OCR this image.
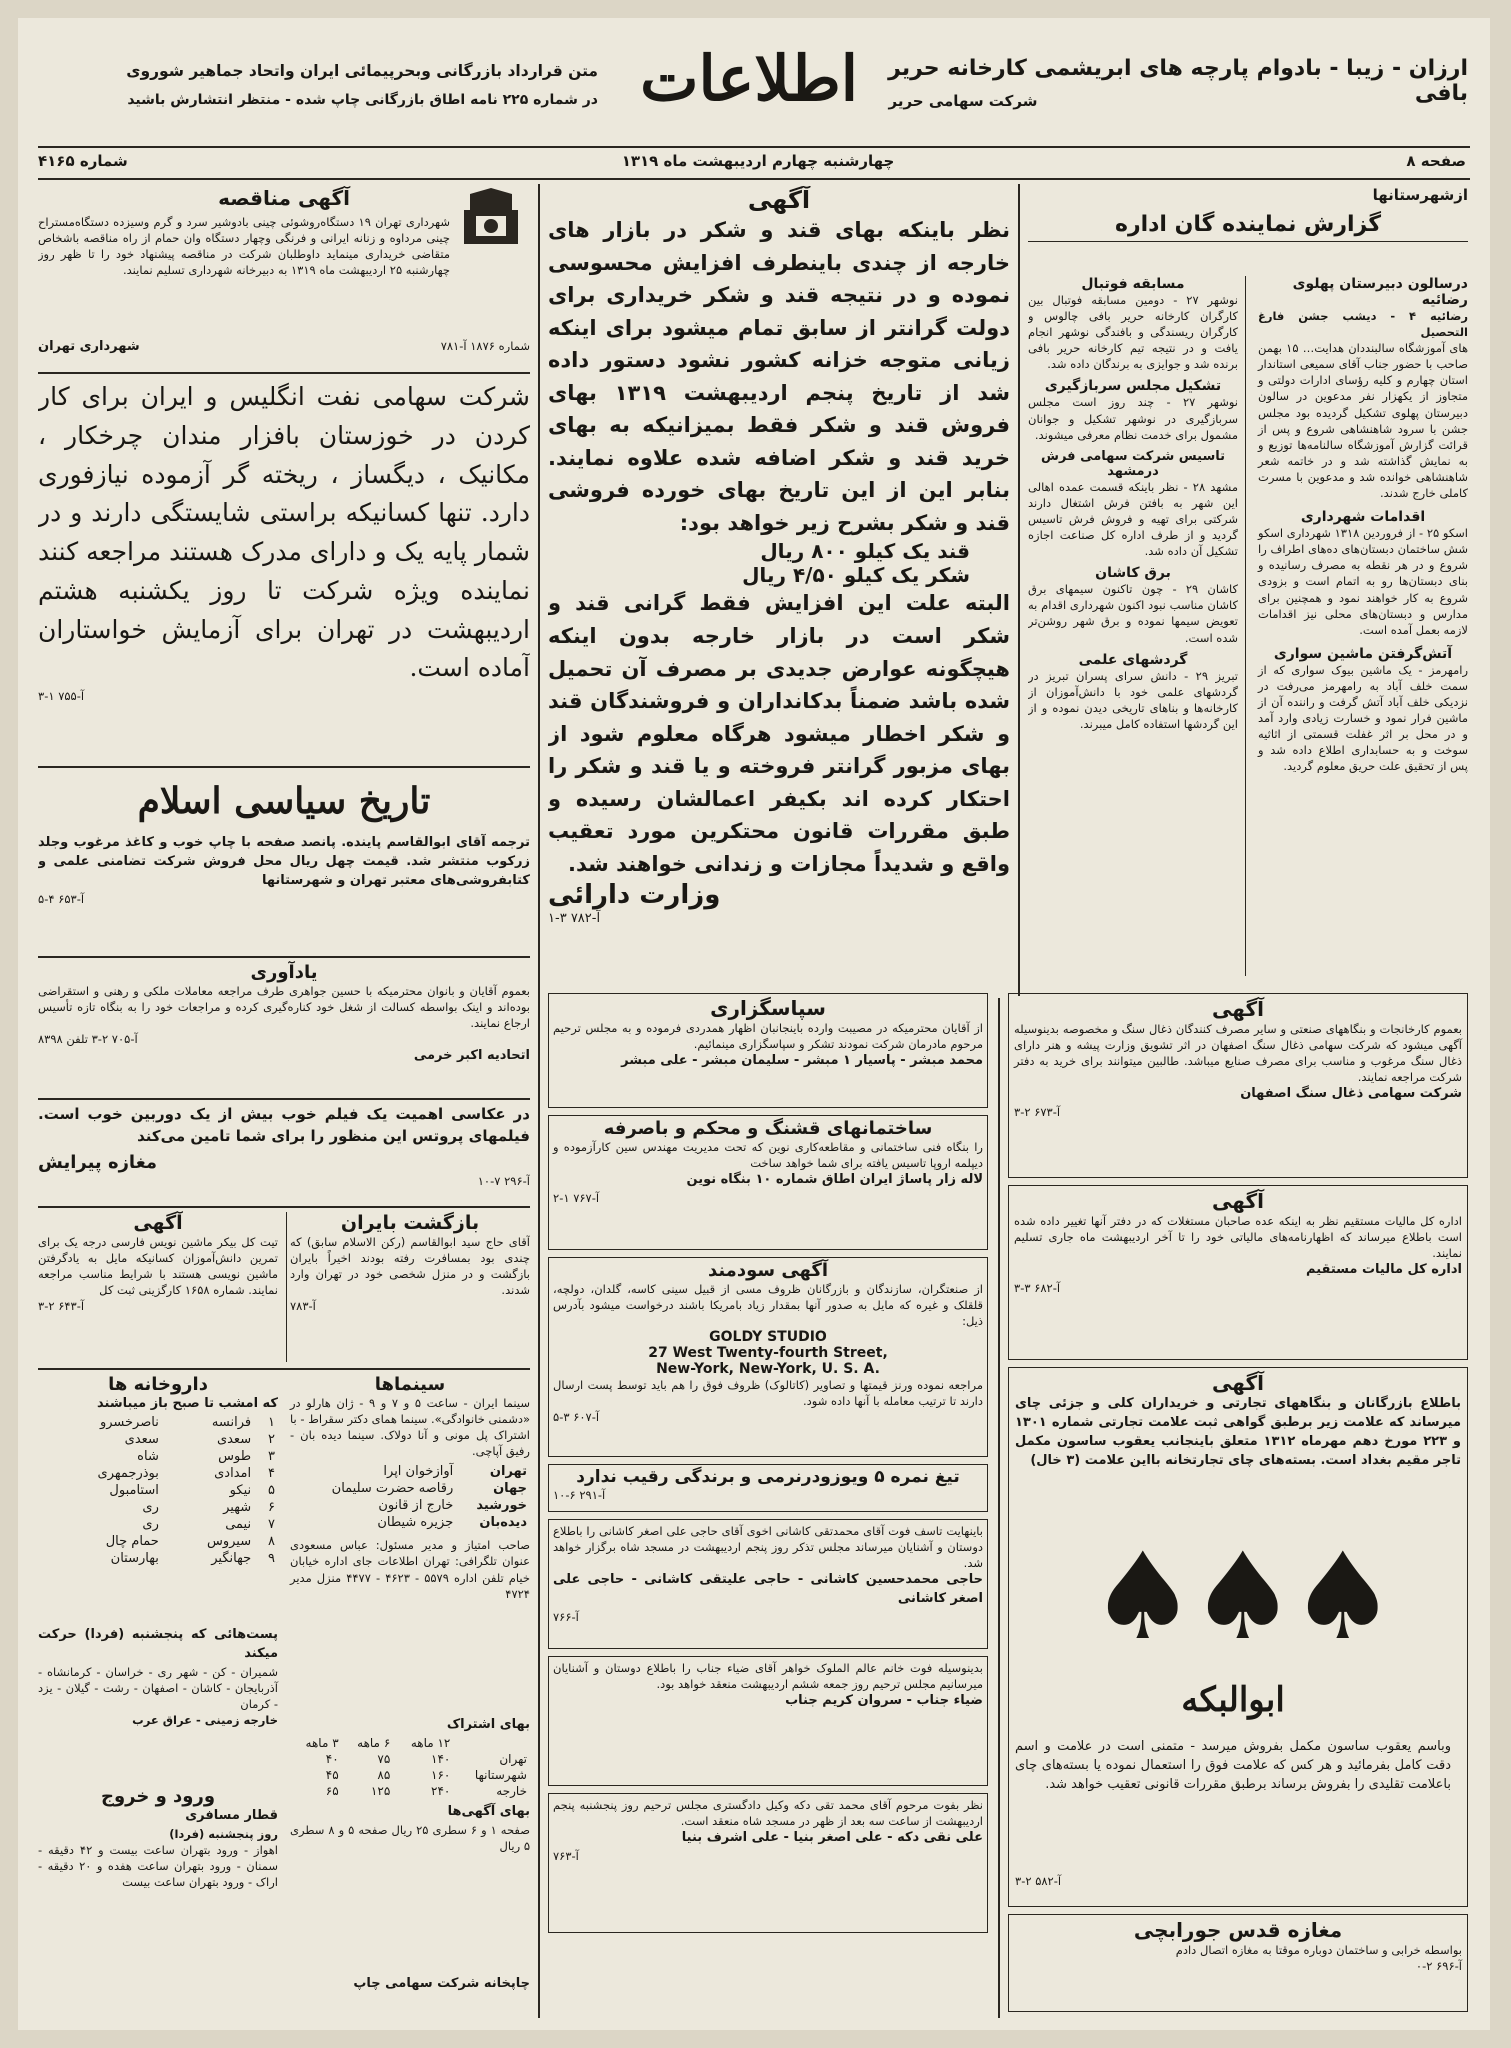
اطلاعات	ارزان - زیبا - بادوام پارچه های ابریشمی کارخانه حریر بافی
شرکت سهامی حریر
متن قرارداد بازرگانی وبحرپیمائی ایران واتحاد جماهیر شوروی
در شماره ۲۲۵ نامه اطاق بازرگانی چاپ شده - منتظر انتشارش باشید
صفحه ۸
چهارشنبه چهارم اردیبهشت ماه ۱۳۱۹
شماره ۴۱۶۵
ازشهرستانها
گزارش نماینده گان اداره
درسالون دبیرستان پهلوی رضائیه
رضائیه ۴ - دیشب جشن فارغ التحصیل
های آموزشگاه سالبنددان هدایت… ۱۵ بهمن صاحب با حضور جناب آقای سمیعی استاندار استان چهارم و کلیه رؤسای ادارات دولتی و متجاوز از یکهزار نفر مدعوین در سالون دبیرستان پهلوی تشکیل گردیده بود مجلس جشن با سرود شاهنشاهی شروع و پس از قرائت گزارش آموزشگاه سالنامه‌ها توزیع و به نمایش گذاشته شد و در خاتمه شعر شاهنشاهی خوانده شد و مدعوین با مسرت کاملی خارج شدند.
اقدامات شهرداری
اسکو ۲۵ - از فروردین ۱۳۱۸ شهرداری اسکو شش ساختمان دبستان‌های ده‌های اطراف را شروع و در هر نقطه به مصرف رسانیده و بنای دبستان‌ها رو به اتمام است و بزودی شروع به کار خواهند نمود و همچنین برای مدارس و دبستان‌های محلی نیز اقدامات لازمه بعمل آمده است.
آتش‌گرفتن ماشین سواری
رامهرمز - یک ماشین بیوک سواری که از سمت خلف آباد به رامهرمز می‌رفت در نزدیکی خلف آباد آتش گرفت و راننده آن از ماشین فرار نمود و خسارت زیادی وارد آمد و در محل بر اثر غفلت قسمتی از اثاثیه سوخت و به حسابداری اطلاع داده شد و پس از تحقیق علت حریق معلوم گردید.
مسابقه فوتبال
نوشهر ۲۷ - دومین مسابقه فوتبال بین کارگران کارخانه حریر بافی چالوس و کارگران ریسندگی و بافندگی نوشهر انجام یافت و در نتیجه تیم کارخانه حریر بافی برنده شد و جوایزی به برندگان داده شد.
تشکیل مجلس سربازگیری
نوشهر ۲۷ - چند روز است مجلس سربازگیری در نوشهر تشکیل و جوانان مشمول برای خدمت نظام معرفی میشوند.
تاسیس شرکت سهامی فرش درمشهد
مشهد ۲۸ - نظر باینکه قسمت عمده اهالی این شهر به بافتن فرش اشتغال دارند شرکتی برای تهیه و فروش فرش تاسیس گردید و از طرف اداره کل صناعت اجازه تشکیل آن داده شد.
برق کاشان
کاشان ۲۹ - چون تاکنون سیمهای برق کاشان مناسب نبود اکنون شهرداری اقدام به تعویض سیمها نموده و برق شهر روشن‌تر شده است.
گردشهای علمی
تبریز ۲۹ - دانش سرای پسران تبریز در گردشهای علمی خود با دانش‌آموزان از کارخانه‌ها و بناهای تاریخی دیدن نموده و از این گردشها استفاده کامل میبرند.
آگهی
نظر باینکه بهای قند و شکر در بازار های خارجه از چندی باینطرف افزایش محسوسی نموده و در نتیجه قند و شکر خریداری برای دولت گرانتر از سابق تمام میشود برای اینکه زیانی متوجه خزانه کشور نشود دستور داده شد از تاریخ پنجم اردیبهشت ۱۳۱۹ بهای فروش قند و شکر فقط بمیزانیکه به بهای خرید قند و شکر اضافه شده علاوه نمایند. بنابر این از این تاریخ بهای خورده فروشی قند و شکر بشرح زیر خواهد بود:
قند یک کیلو ۸۰۰ ریال
شکر یک کیلو ۴/۵۰ ریال
البته علت این افزایش فقط گرانی قند و شکر است در بازار خارجه بدون اینکه هیچگونه عوارض جدیدی بر مصرف آن تحمیل شده باشد ضمناً بدکانداران و فروشندگان قند و شکر اخطار میشود هرگاه معلوم شود از بهای مزبور گرانتر فروخته و یا قند و شکر را احتکار کرده اند بکیفر اعمالشان رسیده و طبق مقررات قانون محتکرین مورد تعقیب واقع و شدیداً مجازات و زندانی خواهند شد.
وزارت دارائی
آ-۷۸۲ ۳-۱
سپاسگزاری
از آقایان محترمیکه در مصیبت وارده باینجانبان اظهار همدردی فرموده و به مجلس ترحیم مرحوم مادرمان شرکت نمودند تشکر و سپاسگزاری مینمائیم.
محمد مبشر - پاسیار ۱ مبشر - سلیمان مبشر - علی مبشر
ساختمانهای قشنگ و محکم و باصرفه
را بنگاه فنی ساختمانی و مقاطعه‌کاری نوین که تحت مدیریت مهندس سین کارآزموده و دیپلمه اروپا تاسیس یافته برای شما خواهد ساخت
لاله زار پاساژ ایران اطاق شماره ۱۰ بنگاه نوین
آ-۷۶۷ ۱-۲
آگهی سودمند
از صنعتگران، سازندگان و بازرگانان ظروف مسی از قبیل سینی کاسه، گلدان، دولچه، قلقلک و غیره که مایل به صدور آنها بمقدار زیاد بامریکا باشند درخواست میشود بآدرس ذیل:
GOLDY STUDIO
27 West Twenty-fourth Street,
New-York, New-York, U. S. A.
مراجعه نموده ورنز قیمتها و تصاویر (کاتالوک) ظروف فوق را هم باید توسط پست ارسال دارند تا ترتیب معامله با آنها داده شود.
آ-۶۰۷ ۳-۵
تیغ نمره ۵ ویوزودرنرمی و برندگی رقیب ندارد
آ-۲۹۱ ۶-۱۰
باینهایت تاسف فوت آقای محمدتقی کاشانی اخوی آقای حاجی علی اصغر کاشانی را باطلاع دوستان و آشنایان میرساند مجلس تذکر روز پنجم اردیبهشت در مسجد شاه برگزار خواهد شد.
حاجی محمدحسین کاشانی - حاجی علیتقی کاشانی - حاجی علی اصغر کاشانی
آ-۷۶۶
بدینوسیله فوت خانم عالم الملوک خواهر آقای ضیاء جناب را باطلاع دوستان و آشنایان میرسانیم مجلس ترحیم روز جمعه ششم اردیبهشت منعقد خواهد بود.
ضیاء جناب - سروان کریم جناب
نظر بفوت مرحوم آقای محمد تقی دکه وکیل دادگستری مجلس ترحیم روز پنجشنبه پنجم اردیبهشت از ساعت سه بعد از ظهر در مسجد شاه منعقد است.
علی نقی دکه - علی اصغر بنیا - علی اشرف بنیا
آ-۷۶۳
آگهی مناقصه
شهرداری تهران ۱۹ دستگاه‌روشوئی چینی بادوشیر سرد و گرم وسیزده دستگاه‌مستراح چینی مرداوه و زنانه ایرانی و فرنگی وچهار دستگاه وان حمام از راه مناقصه باشخاص متقاضی خریداری مینماید داوطلبان شرکت در مناقصه پیشنهاد خود را تا ظهر روز چهارشنبه ۲۵ اردیبهشت ماه ۱۳۱۹ به دبیرخانه شهرداری تسلیم نمایند.
شهرداری تهران	شماره ۱۸۷۶ آ-۷۸۱
شرکت سهامی نفت انگلیس و ایران برای کار کردن در خوزستان بافزار مندان چرخکار ، مکانیک ، دیگساز ، ریخته گر آزموده نیازفوری دارد. تنها کسانیکه براستی شایستگی دارند و در شمار پایه یک و دارای مدرک هستند مراجعه کنند نماینده ویژه شرکت تا روز یکشنبه هشتم اردیبهشت در تهران برای آزمایش خواستاران آماده است.
آ-۷۵۵ ۱-۳
تاریخ سیاسی اسلام
ترجمه آقای ابوالقاسم پاینده. پانصد صفحه با چاپ خوب و کاغذ مرغوب وجلد زرکوب منتشر شد. قیمت چهل ریال محل فروش شرکت تضامنی علمی و کتابفروشی‌های معتبر تهران و شهرستانها
آ-۶۵۳ ۴-۵
یادآوری
بعموم آقایان و بانوان محترمیکه با حسین جواهری طرف مراجعه معاملات ملکی و رهنی و استقراضی بوده‌اند و اینک بواسطه کسالت از شغل خود کناره‌گیری کرده و مراجعات خود را به بنگاه تازه تأسیس ارجاع نمایند.
آ-۷۰۵ ۲-۳ تلفن ۸۳۹۸
اتحادیه اکبر خرمی
در عکاسی اهمیت یک فیلم خوب بیش از یک دوربین خوب است. فیلمهای پروتس این منظور را برای شما تامین می‌کند
مغازه پیرایش
آ-۲۹۶ ۷-۱۰
بازگشت بایران
آقای حاج سید ابوالقاسم (رکن الاسلام سابق) که چندی بود بمسافرت رفته بودند اخیراً بایران بازگشت و در منزل شخصی خود در تهران وارد شدند.
آ-۷۸۳
آگهی
تیت کل بیکر ماشین نویس فارسی درجه یک برای تمرین دانش‌آموزان کسانیکه مایل به یادگرفتن ماشین نویسی هستند با شرایط مناسب مراجعه نمایند. شماره ۱۶۵۸ کارگزینی ثبت کل
آ-۶۴۳ ۲-۳
سینماها
سینما ایران - ساعت ۵ و ۷ و ۹ - ژان هارلو در «دشمنی خانوادگی». سینما همای دکتر سقراط - با اشتراک پل مونی و آنا دولاک. سینما دیده بان - رفیق آپاچی.
تهران	آوازخوان اپرا
جهان	رقاصه حضرت سلیمان
خورشید	خارج از قانون
دیده‌بان	جزیره شیطان
صاحب امتیاز و مدیر مسئول: عباس مسعودی عنوان تلگرافی: تهران اطلاعات جای اداره خیابان خیام تلفن اداره ۵۵۷۹ - ۴۶۲۳ - ۴۴۷۷ منزل مدیر ۴۷۲۴
داروخانه ها
که امشب تا صبح باز میباشند
۱	فرانسه	ناصرخسرو
۲	سعدی	سعدی
۳	طوس	شاه
۴	امدادی	بوذرجمهری
۵	نیکو	استامبول
۶	شهیر	ری
۷	نیمی	ری
۸	سیروس	حمام چال
۹	جهانگیر	بهارستان
پست‌هائی که پنجشنبه (فردا) حرکت میکند
شمیران - کن - شهر ری - خراسان - کرمانشاه - آذربایجان - کاشان - اصفهان - رشت - گیلان - یزد - کرمان
خارجه زمینی - عراق عرب	بهای اشتراک
	۱۲ ماهه	۶ ماهه	۳ ماهه
تهران	۱۴۰	۷۵	۴۰
شهرستانها	۱۶۰	۸۵	۴۵
خارجه	۲۴۰	۱۲۵	۶۵
بهای آگهی‌ها
صفحه ۱ و ۶ سطری ۲۵ ریال صفحه ۵ و ۸ سطری ۵ ریال
ورود و خروج
قطار مسافری
روز پنجشنبه (فردا)
اهواز - ورود بتهران ساعت بیست و ۴۲ دقیقه - سمنان - ورود بتهران ساعت هفده و ۲۰ دقیقه - اراک - ورود بتهران ساعت بیست
چاپخانه شرکت سهامی چاپ
آگهی
بعموم کارخانجات و بنگاههای صنعتی و سایر مصرف کنندگان ذغال سنگ و مخصوصه بدینوسیله آگهی میشود که شرکت سهامی ذغال سنگ اصفهان در اثر تشویق وزارت پیشه و هنر دارای ذغال سنگ مرغوب و مناسب برای مصرف صنایع میباشد. طالبین میتوانند برای خرید به دفتر شرکت مراجعه نمایند.
شرکت سهامی ذغال سنگ اصفهان
آ-۶۷۳ ۲-۳
آگهی
اداره کل مالیات مستقیم نظر به اینکه عده صاحبان مستغلات که در دفتر آنها تغییر داده شده است باطلاع میرساند که اظهارنامه‌های مالیاتی خود را تا آخر اردیبهشت ماه جاری تسلیم نمایند.
اداره کل مالیات مستقیم
آ-۶۸۲ ۳-۳
آگهی
باطلاع بازرگانان و بنگاههای تجارتی و خریداران کلی و جزئی چای میرساند که علامت زیر برطبق گواهی ثبت علامت تجارتی شماره ۱۳۰۱ و ۲۲۳ مورخ دهم مهرماه ۱۳۱۲ متعلق باینجانب یعقوب ساسون مکمل تاجر مقیم بغداد است. بسته‌های چای تجارتخانه بااین علامت (۳ خال)
♠
♠
♠
ابوالبکه
وباسم یعقوب ساسون مکمل بفروش میرسد - متمنی است در علامت و اسم دقت کامل بفرمائید و هر کس که علامت فوق را استعمال نموده یا بسته‌های چای باعلامت تقلیدی را بفروش برساند برطبق مقررات قانونی تعقیب خواهد شد.
آ-۵۸۲ ۲-۳
مغازه قدس جورابچی
بواسطه خرابی و ساختمان دوباره موقتا به مغازه اتصال دادم
آ-۶۹۶ ۲-۰
